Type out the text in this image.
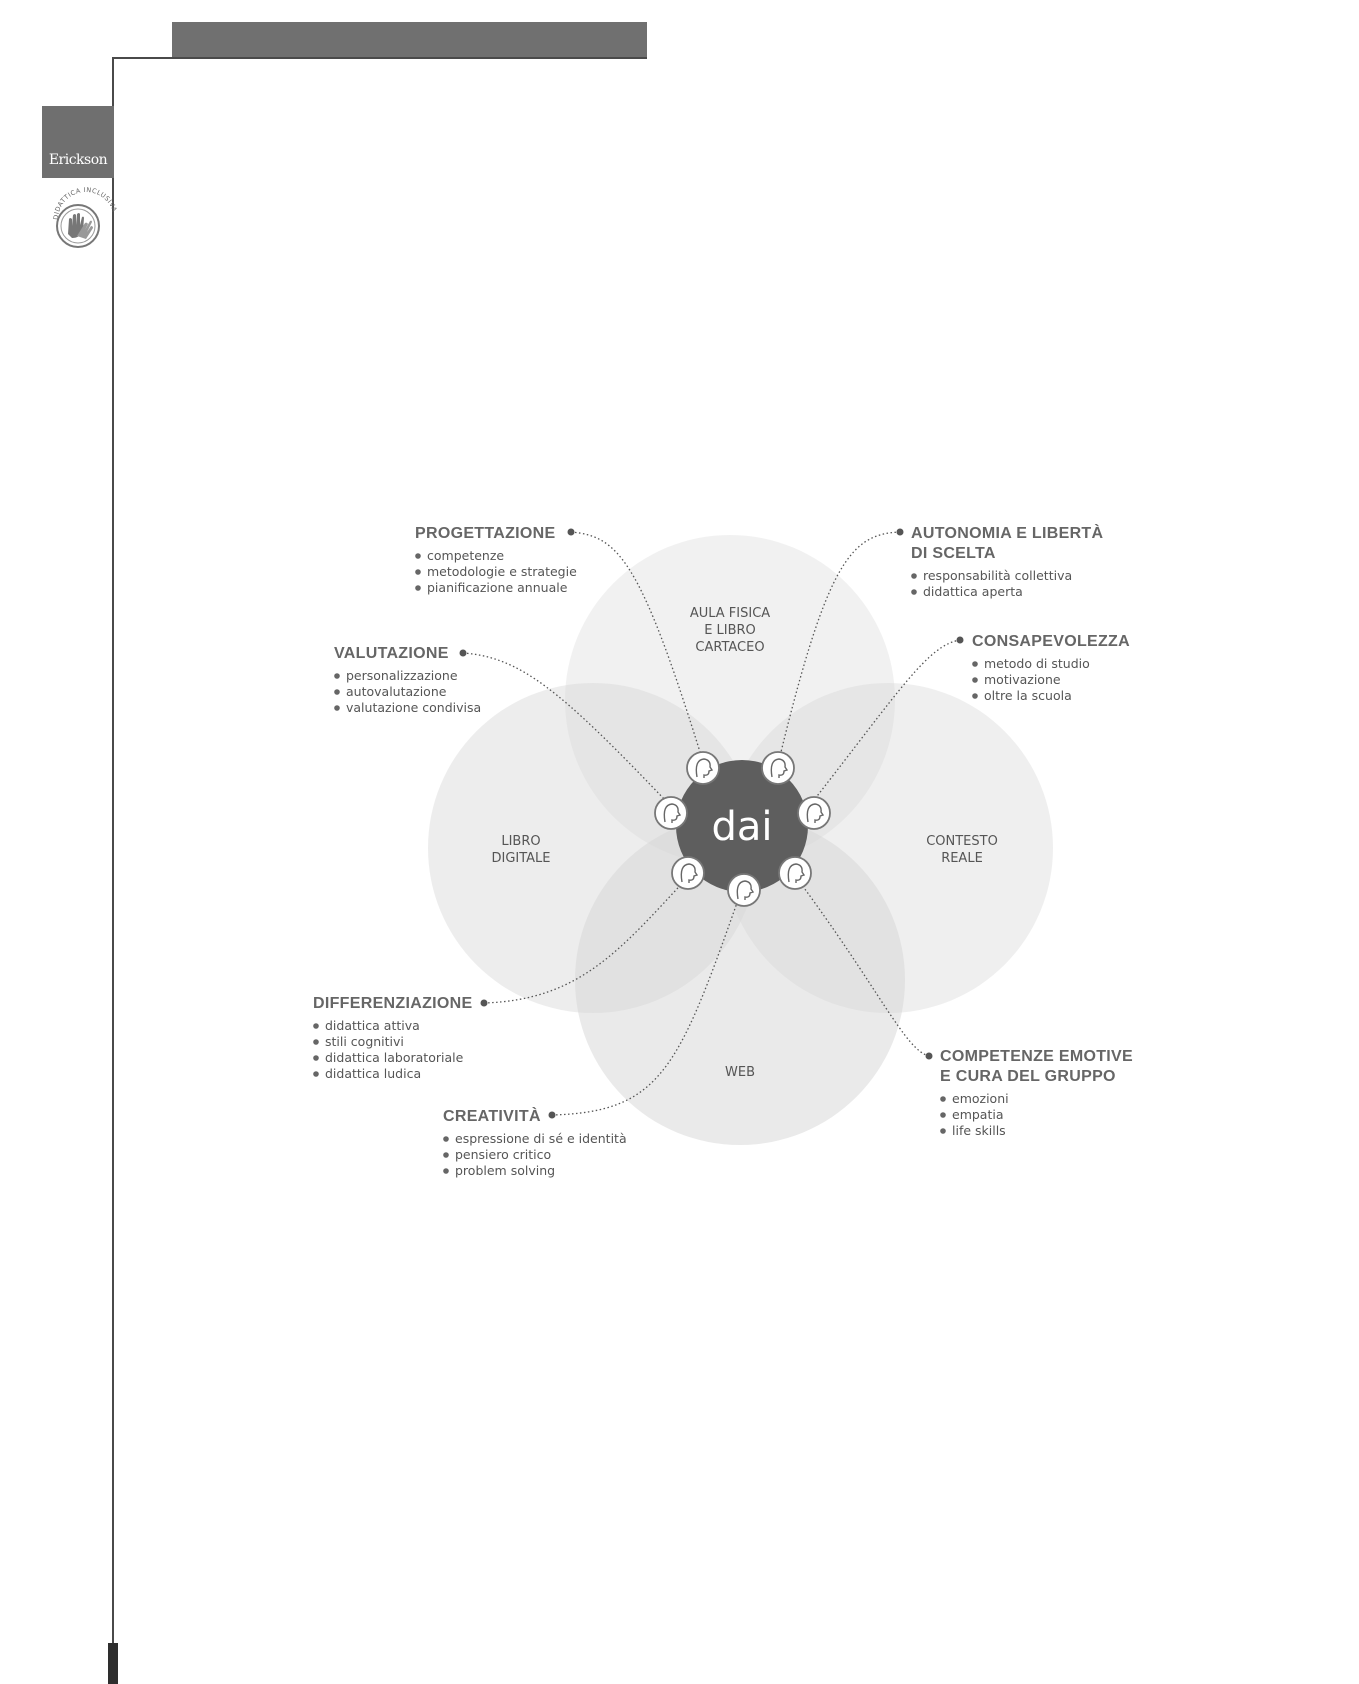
Erickson
DIDATTICA INCLUSIVA
AULA FISICA E LIBRO CARTACEO
LIBRO DIGITALE
CONTESTO REALE
WEB
dai
PROGETTAZIONE
competenze
metodologie e strategie
pianificazione annuale
AUTONOMIA E LIBERTÀ
DI SCELTA
responsabilità collettiva
didattica aperta
VALUTAZIONE
personalizzazione
autovalutazione
valutazione condivisa
CONSAPEVOLEZZA
metodo di studio
motivazione
oltre la scuola
DIFFERENZIAZIONE
didattica attiva
stili cognitivi
didattica laboratoriale
didattica ludica
COMPETENZE EMOTIVE
E CURA DEL GRUPPO
emozioni
empatia
life skills
CREATIVITÀ
espressione di sé e identità
pensiero critico
problem solving
